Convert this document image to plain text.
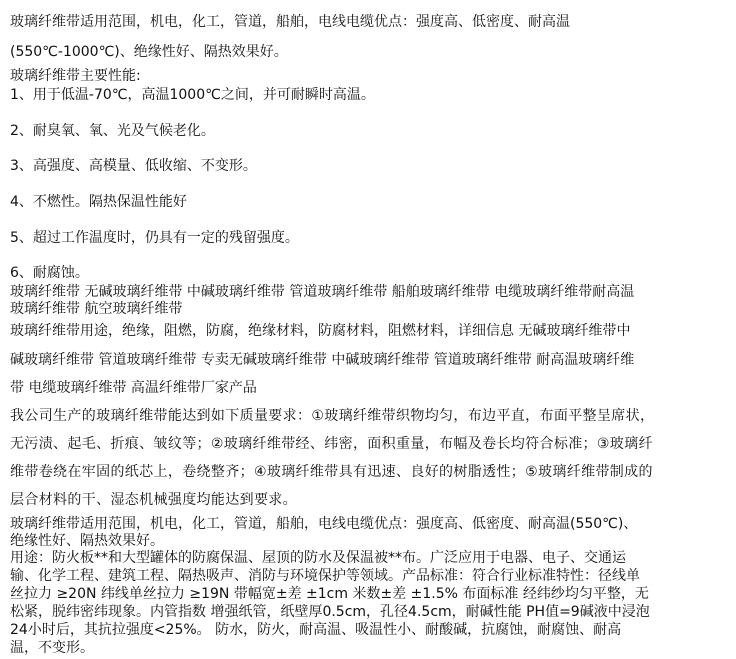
玻璃纤维带适用范围，机电，化工，管道，船舶，电线电缆优点：强度高、低密度、耐高温
(550℃-1000℃)、绝缘性好、隔热效果好。
玻璃纤维带主要性能:
1、用于低温-70℃，高温1000℃之间，并可耐瞬时高温。
2、耐臭氧、氧、光及气候老化。
3、高强度、高模量、低收缩、不变形。
4、不燃性。隔热保温性能好
5、超过工作温度时，仍具有一定的残留强度。
6、耐腐蚀。
玻璃纤维带 无碱玻璃纤维带 中碱玻璃纤维带 管道玻璃纤维带 船舶玻璃纤维带 电缆玻璃纤维带耐高温
玻璃纤维带 航空玻璃纤维带
玻璃纤维带用途，绝缘，阻燃，防腐，绝缘材料，防腐材料，阻燃材料，详细信息 无碱玻璃纤维带中
碱玻璃纤维带 管道玻璃纤维带 专卖无碱玻璃纤维带 中碱玻璃纤维带 管道玻璃纤维带 耐高温玻璃纤维
带 电缆玻璃纤维带 高温纤维带厂家产品
我公司生产的玻璃纤维带能达到如下质量要求：①玻璃纤维带织物均匀，布边平直，布面平整呈席状，
无污渍、起毛、折痕、皱纹等；②玻璃纤维带经、纬密，面积重量，布幅及卷长均符合标准；③玻璃纤
维带卷绕在牢固的纸芯上，卷绕整齐；④玻璃纤维带具有迅速、良好的树脂透性；⑤玻璃纤维带制成的
层合材料的干、湿态机械强度均能达到要求。
玻璃纤维带适用范围，机电，化工，管道，船舶，电线电缆优点：强度高、低密度、耐高温(550℃)、
绝缘性好、隔热效果好。
用途：防火板**和大型罐体的防腐保温、屋顶的防水及保温被**布。广泛应用于电器、电子、交通运
输、化学工程、建筑工程、隔热吸声、消防与环境保护等领域。产品标准：符合行业标准特性：径线单
丝拉力 ≥20N 纬线单丝拉力 ≥19N 带幅宽±差 ±1cm 米数±差 ±1.5% 布面标准 经纬纱均匀平整，无
松紧，脱纬密纬现象。内管指数 增强纸管，纸壁厚0.5cm，孔径4.5cm，耐碱性能 PH值=9碱液中浸泡
24小时后，其抗拉强度<25%。 防水，防火，耐高温、吸温性小、耐酸碱，抗腐蚀，耐腐蚀、耐高
温，不变形。
